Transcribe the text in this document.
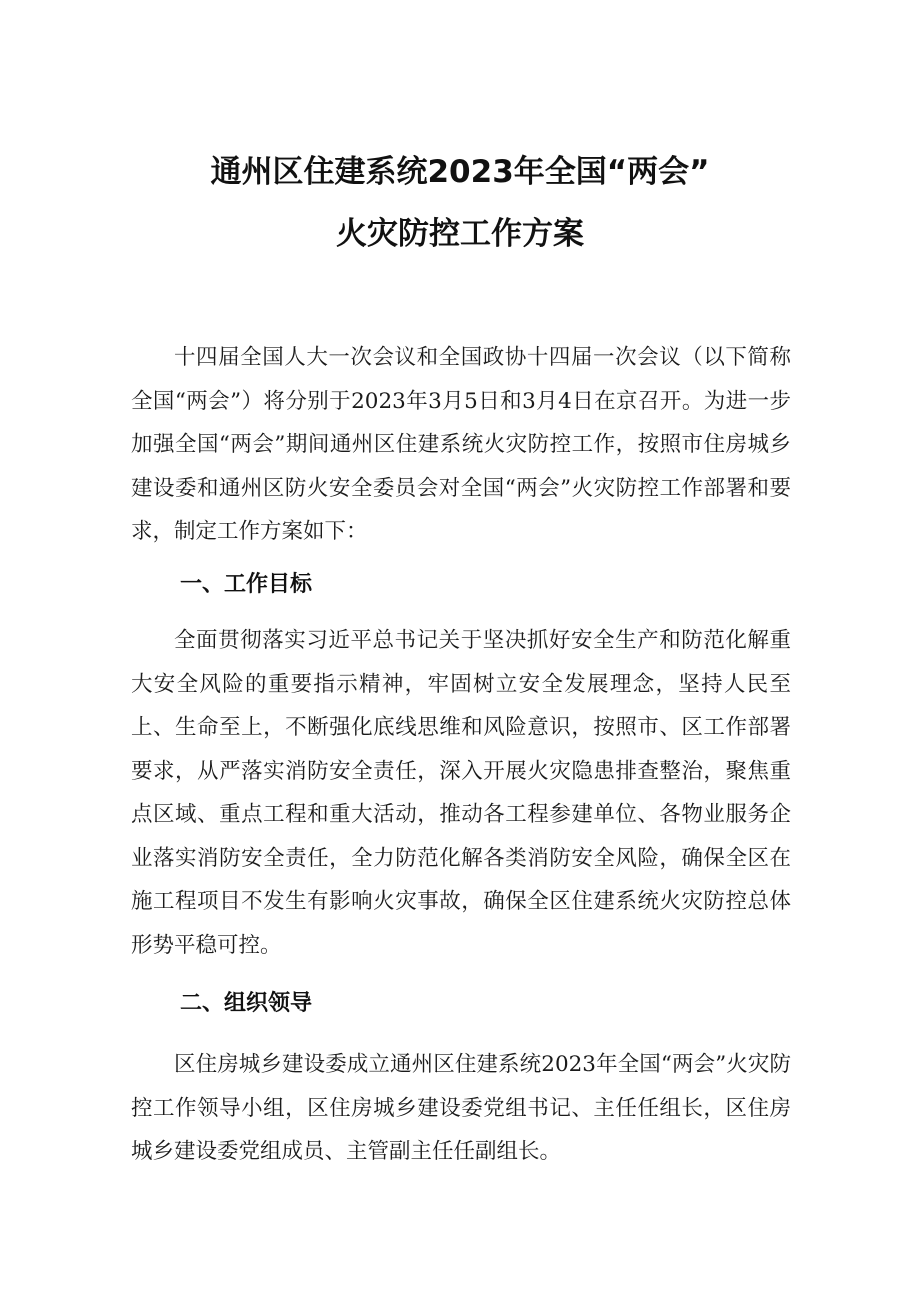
通州区住建系统2023年全国“两会”
火灾防控工作方案

十四届全国人大一次会议和全国政协十四届一次会议（以下简称全国“两会”）将分别于2023年3月5日和3月4日在京召开。为进一步加强全国“两会”期间通州区住建系统火灾防控工作，按照市住房城乡建设委和通州区防火安全委员会对全国“两会”火灾防控工作部署和要求，制定工作方案如下：

一、工作目标

全面贯彻落实习近平总书记关于坚决抓好安全生产和防范化解重大安全风险的重要指示精神，牢固树立安全发展理念，坚持人民至上、生命至上，不断强化底线思维和风险意识，按照市、区工作部署要求，从严落实消防安全责任，深入开展火灾隐患排查整治，聚焦重点区域、重点工程和重大活动，推动各工程参建单位、各物业服务企业落实消防安全责任，全力防范化解各类消防安全风险，确保全区在施工程项目不发生有影响火灾事故，确保全区住建系统火灾防控总体形势平稳可控。

二、组织领导

区住房城乡建设委成立通州区住建系统2023年全国“两会”火灾防控工作领导小组，区住房城乡建设委党组书记、主任任组长，区住房城乡建设委党组成员、主管副主任任副组长。
